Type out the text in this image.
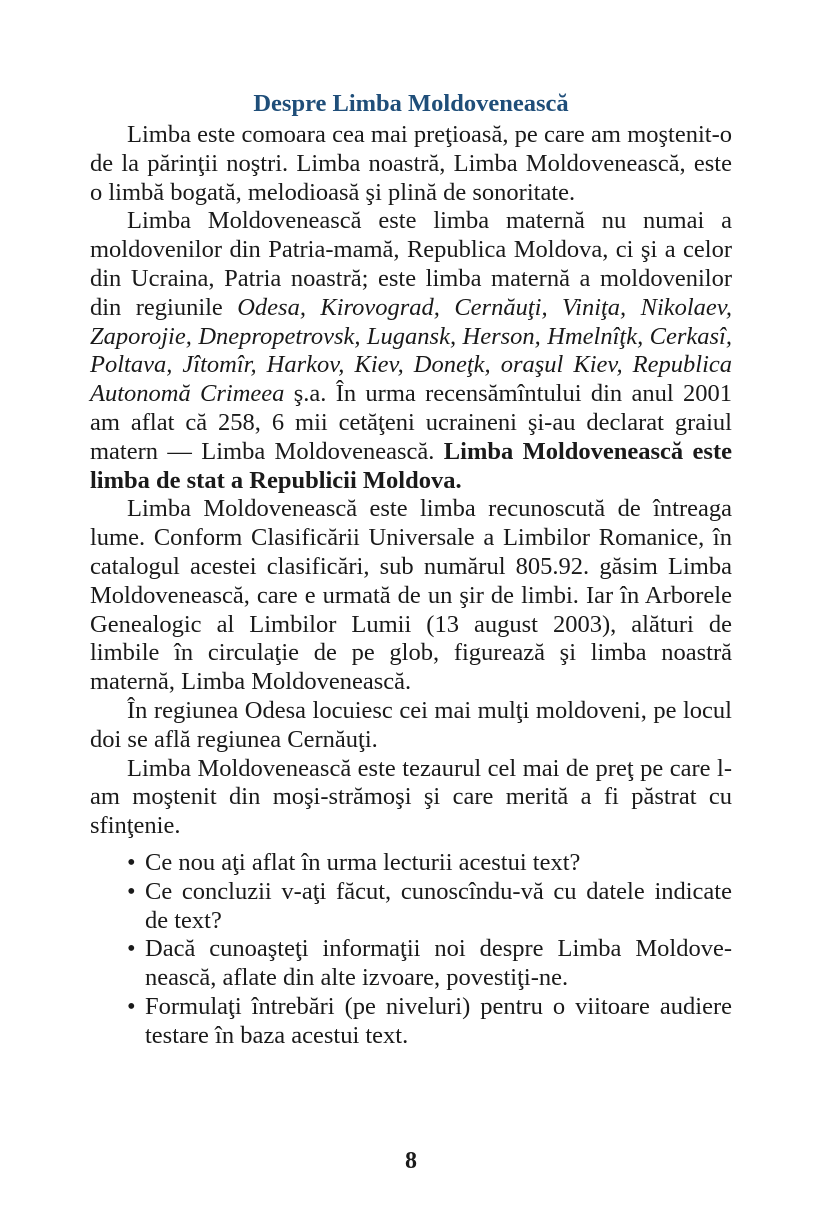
Despre Limba Moldovenească

Limba este comoara cea mai preţioasă, pe care am moştenit-o de la părinţii noştri. Limba noastră, Limba Moldovenească, este o limbă bogată, melodioasă şi plină de sonoritate.

Limba Moldovenească este limba maternă nu numai a moldovenilor din Patria-mamă, Republica Moldova, ci şi a celor din Ucraina, Patria noastră; este limba maternă a moldovenilor din regiunile Odesa, Kirovograd, Cernăuţi, Viniţa, Nikolaev, Zaporojie, Dnepropetrovsk, Lugansk, Herson, Hmelnîţk, Cerkasî, Poltava, Jîtomîr, Harkov, Kiev, Doneţk, oraşul Kiev, Republica Autonomă Crimeea ş.a. În urma recensămîntului din anul 2001 am aflat că 258, 6 mii cetăţeni ucraineni şi-au declarat graiul matern — Limba Moldovenească. Limba Moldovenească este limba de stat a Republicii Moldova.

Limba Moldovenească este limba recunoscută de întreaga lume. Conform Clasificării Universale a Limbilor Romanice, în catalogul acestei clasificări, sub numărul 805.92. găsim Limba Moldovenească, care e urmată de un şir de limbi. Iar în Arborele Genealogic al Limbilor Lumii (13 august 2003), alături de limbile în circulaţie de pe glob, figurează şi limba noastră maternă, Limba Moldovenească.

În regiunea Odesa locuiesc cei mai mulţi moldoveni, pe locul doi se află regiunea Cernăuţi.

Limba Moldovenească este tezaurul cel mai de preţ pe care l-am moştenit din moşi-strămoşi şi care merită a fi păstrat cu sfinţenie.

• Ce nou aţi aflat în urma lecturii acestui text?
• Ce concluzii v-aţi făcut, cunoscîndu-vă cu datele indicate de text?
• Dacă cunoaşteţi informaţii noi despre Limba Moldovenească, aflate din alte izvoare, povestiţi-ne.
• Formulaţi întrebări (pe niveluri) pentru o viitoare audiere testare în baza acestui text.
8
